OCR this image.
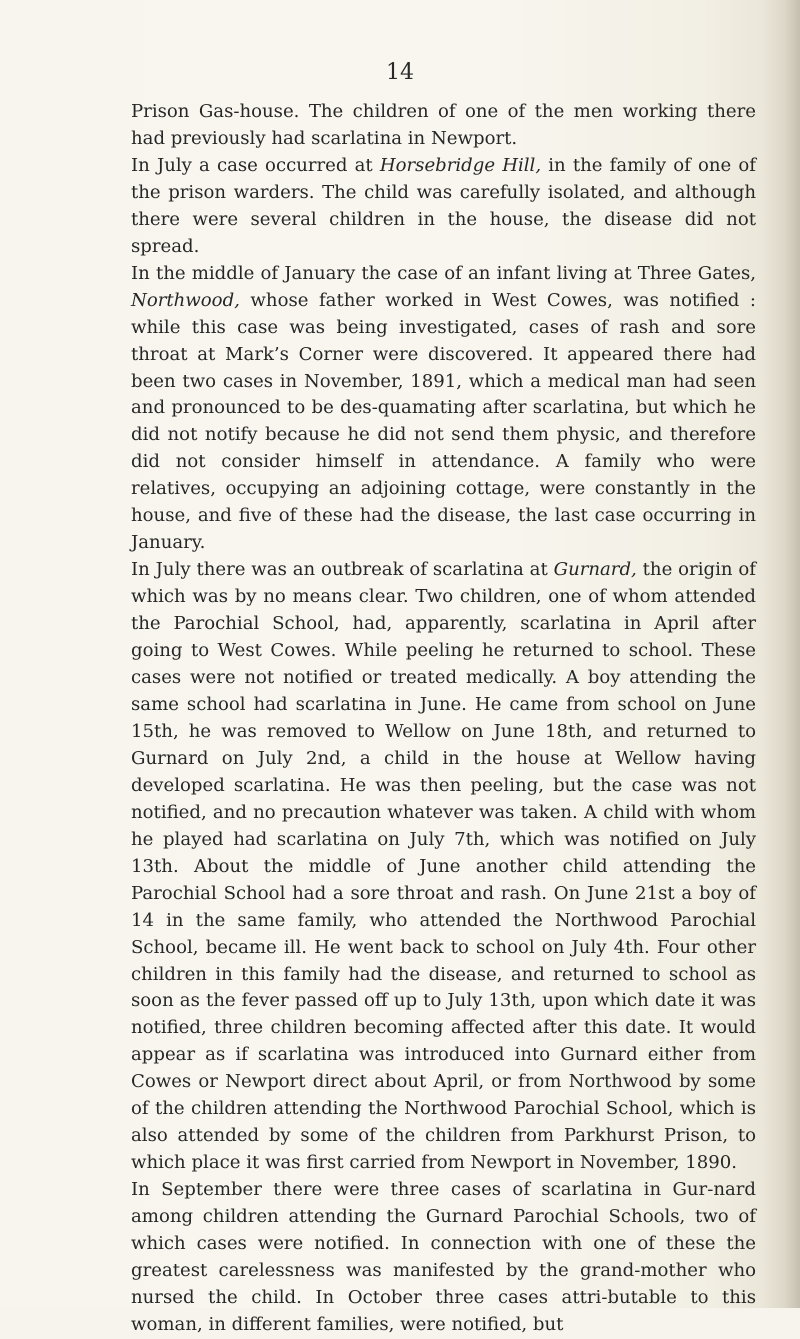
14

Prison Gas-house. The children of one of the men working there had previously had scarlatina in Newport.

In July a case occurred at Horsebridge Hill, in the family of one of the prison warders. The child was carefully isolated, and although there were several children in the house, the disease did not spread.

In the middle of January the case of an infant living at Three Gates, Northwood, whose father worked in West Cowes, was notified : while this case was being investigated, cases of rash and sore throat at Mark’s Corner were discovered. It appeared there had been two cases in November, 1891, which a medical man had seen and pronounced to be des-quamating after scarlatina, but which he did not notify because he did not send them physic, and therefore did not consider himself in attendance. A family who were relatives, occupying an adjoining cottage, were constantly in the house, and five of these had the disease, the last case occurring in January.

In July there was an outbreak of scarlatina at Gurnard, the origin of which was by no means clear. Two children, one of whom attended the Parochial School, had, apparently, scarlatina in April after going to West Cowes. While peeling he returned to school. These cases were not notified or treated medically. A boy attending the same school had scarlatina in June. He came from school on June 15th, he was removed to Wellow on June 18th, and returned to Gurnard on July 2nd, a child in the house at Wellow having developed scarlatina. He was then peeling, but the case was not notified, and no precaution whatever was taken. A child with whom he played had scarlatina on July 7th, which was notified on July 13th. About the middle of June another child attending the Parochial School had a sore throat and rash. On June 21st a boy of 14 in the same family, who attended the Northwood Parochial School, became ill. He went back to school on July 4th. Four other children in this family had the disease, and returned to school as soon as the fever passed off up to July 13th, upon which date it was notified, three children becoming affected after this date. It would appear as if scarlatina was introduced into Gurnard either from Cowes or Newport direct about April, or from Northwood by some of the children attending the Northwood Parochial School, which is also attended by some of the children from Parkhurst Prison, to which place it was first carried from Newport in November, 1890.

In September there were three cases of scarlatina in Gur-nard among children attending the Gurnard Parochial Schools, two of which cases were notified. In connection with one of these the greatest carelessness was manifested by the grand-mother who nursed the child. In October three cases attri-butable to this woman, in different families, were notified, but
